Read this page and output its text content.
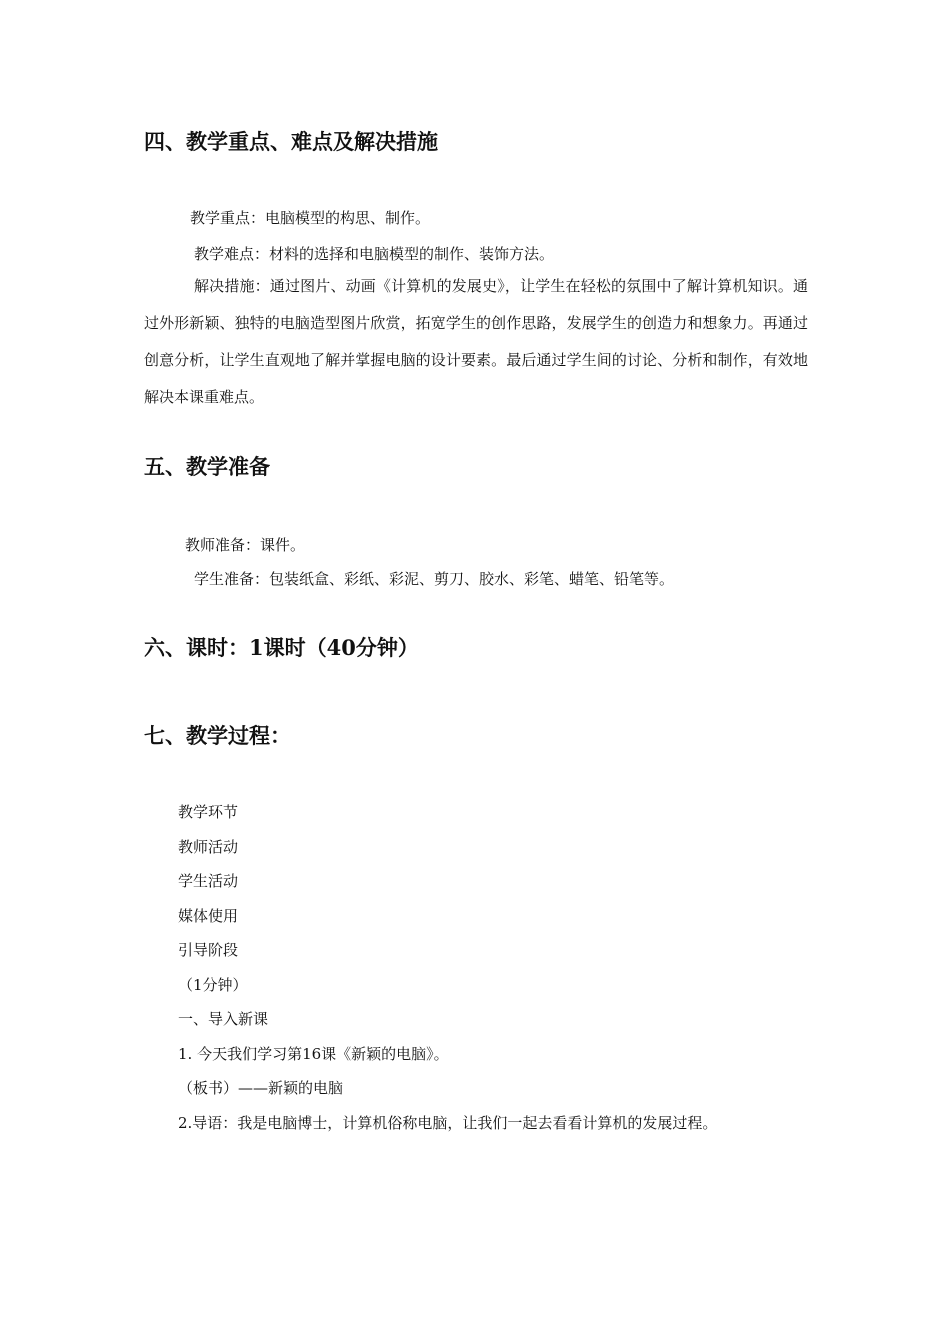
四、教学重点、难点及解决措施
教学重点：电脑模型的构思、制作。
教学难点：材料的选择和电脑模型的制作、装饰方法。
解决措施：通过图片、动画《计算机的发展史》，让学生在轻松的氛围中了解计算机知识。通过外形新颖、独特的电脑造型图片欣赏，拓宽学生的创作思路，发展学生的创造力和想象力。再通过创意分析，让学生直观地了解并掌握电脑的设计要素。最后通过学生间的讨论、分析和制作，有效地解决本课重难点。
五、教学准备
教师准备：课件。
学生准备：包装纸盒、彩纸、彩泥、剪刀、胶水、彩笔、蜡笔、铅笔等。
六、课时：1课时（40分钟）
七、教学过程：
教学环节
教师活动
学生活动
媒体使用
引导阶段
（1分钟）
一、导入新课
1. 今天我们学习第16课《新颖的电脑》。
（板书）——新颖的电脑
2.导语：我是电脑博士，计算机俗称电脑，让我们一起去看看计算机的发展过程。
